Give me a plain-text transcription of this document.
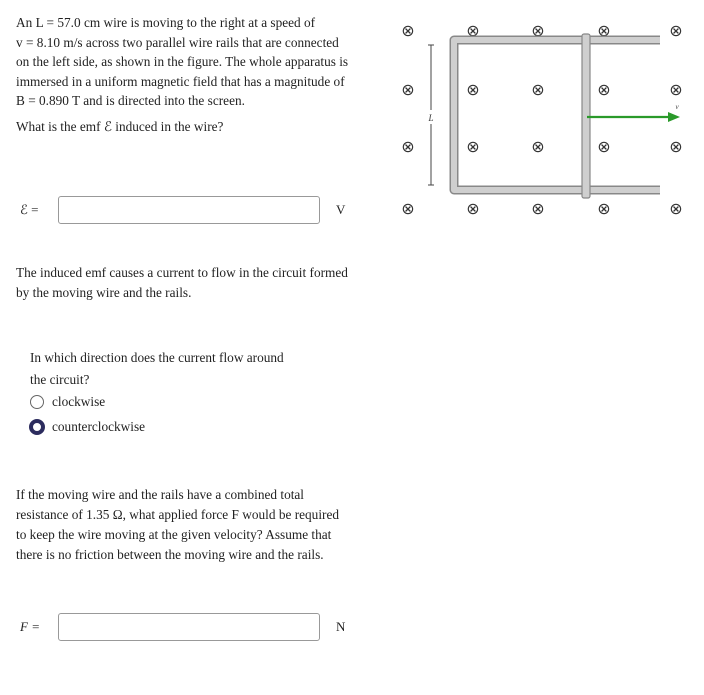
An L = 57.0 cm wire is moving to the right at a speed of
v = 8.10 m/s across two parallel wire rails that are connected
on the left side, as shown in the figure. The whole apparatus is
immersed in a uniform magnetic field that has a magnitude of
B = 0.890 T and is directed into the screen.
What is the emf ℰ induced in the wire?
ℰ =	V
The induced emf causes a current to flow in the circuit formed
by the moving wire and the rails.
In which direction does the current flow around
the circuit?
clockwise
counterclockwise
If the moving wire and the rails have a combined total
resistance of 1.35 Ω, what applied force F would be required
to keep the wire moving at the given velocity? Assume that
there is no friction between the moving wire and the rails.
F =	N
⊗	⊗	⊗	⊗	⊗
⊗	⊗	⊗	⊗	⊗
⊗	⊗	⊗	⊗	⊗
⊗	⊗	⊗	⊗	⊗
L
v
